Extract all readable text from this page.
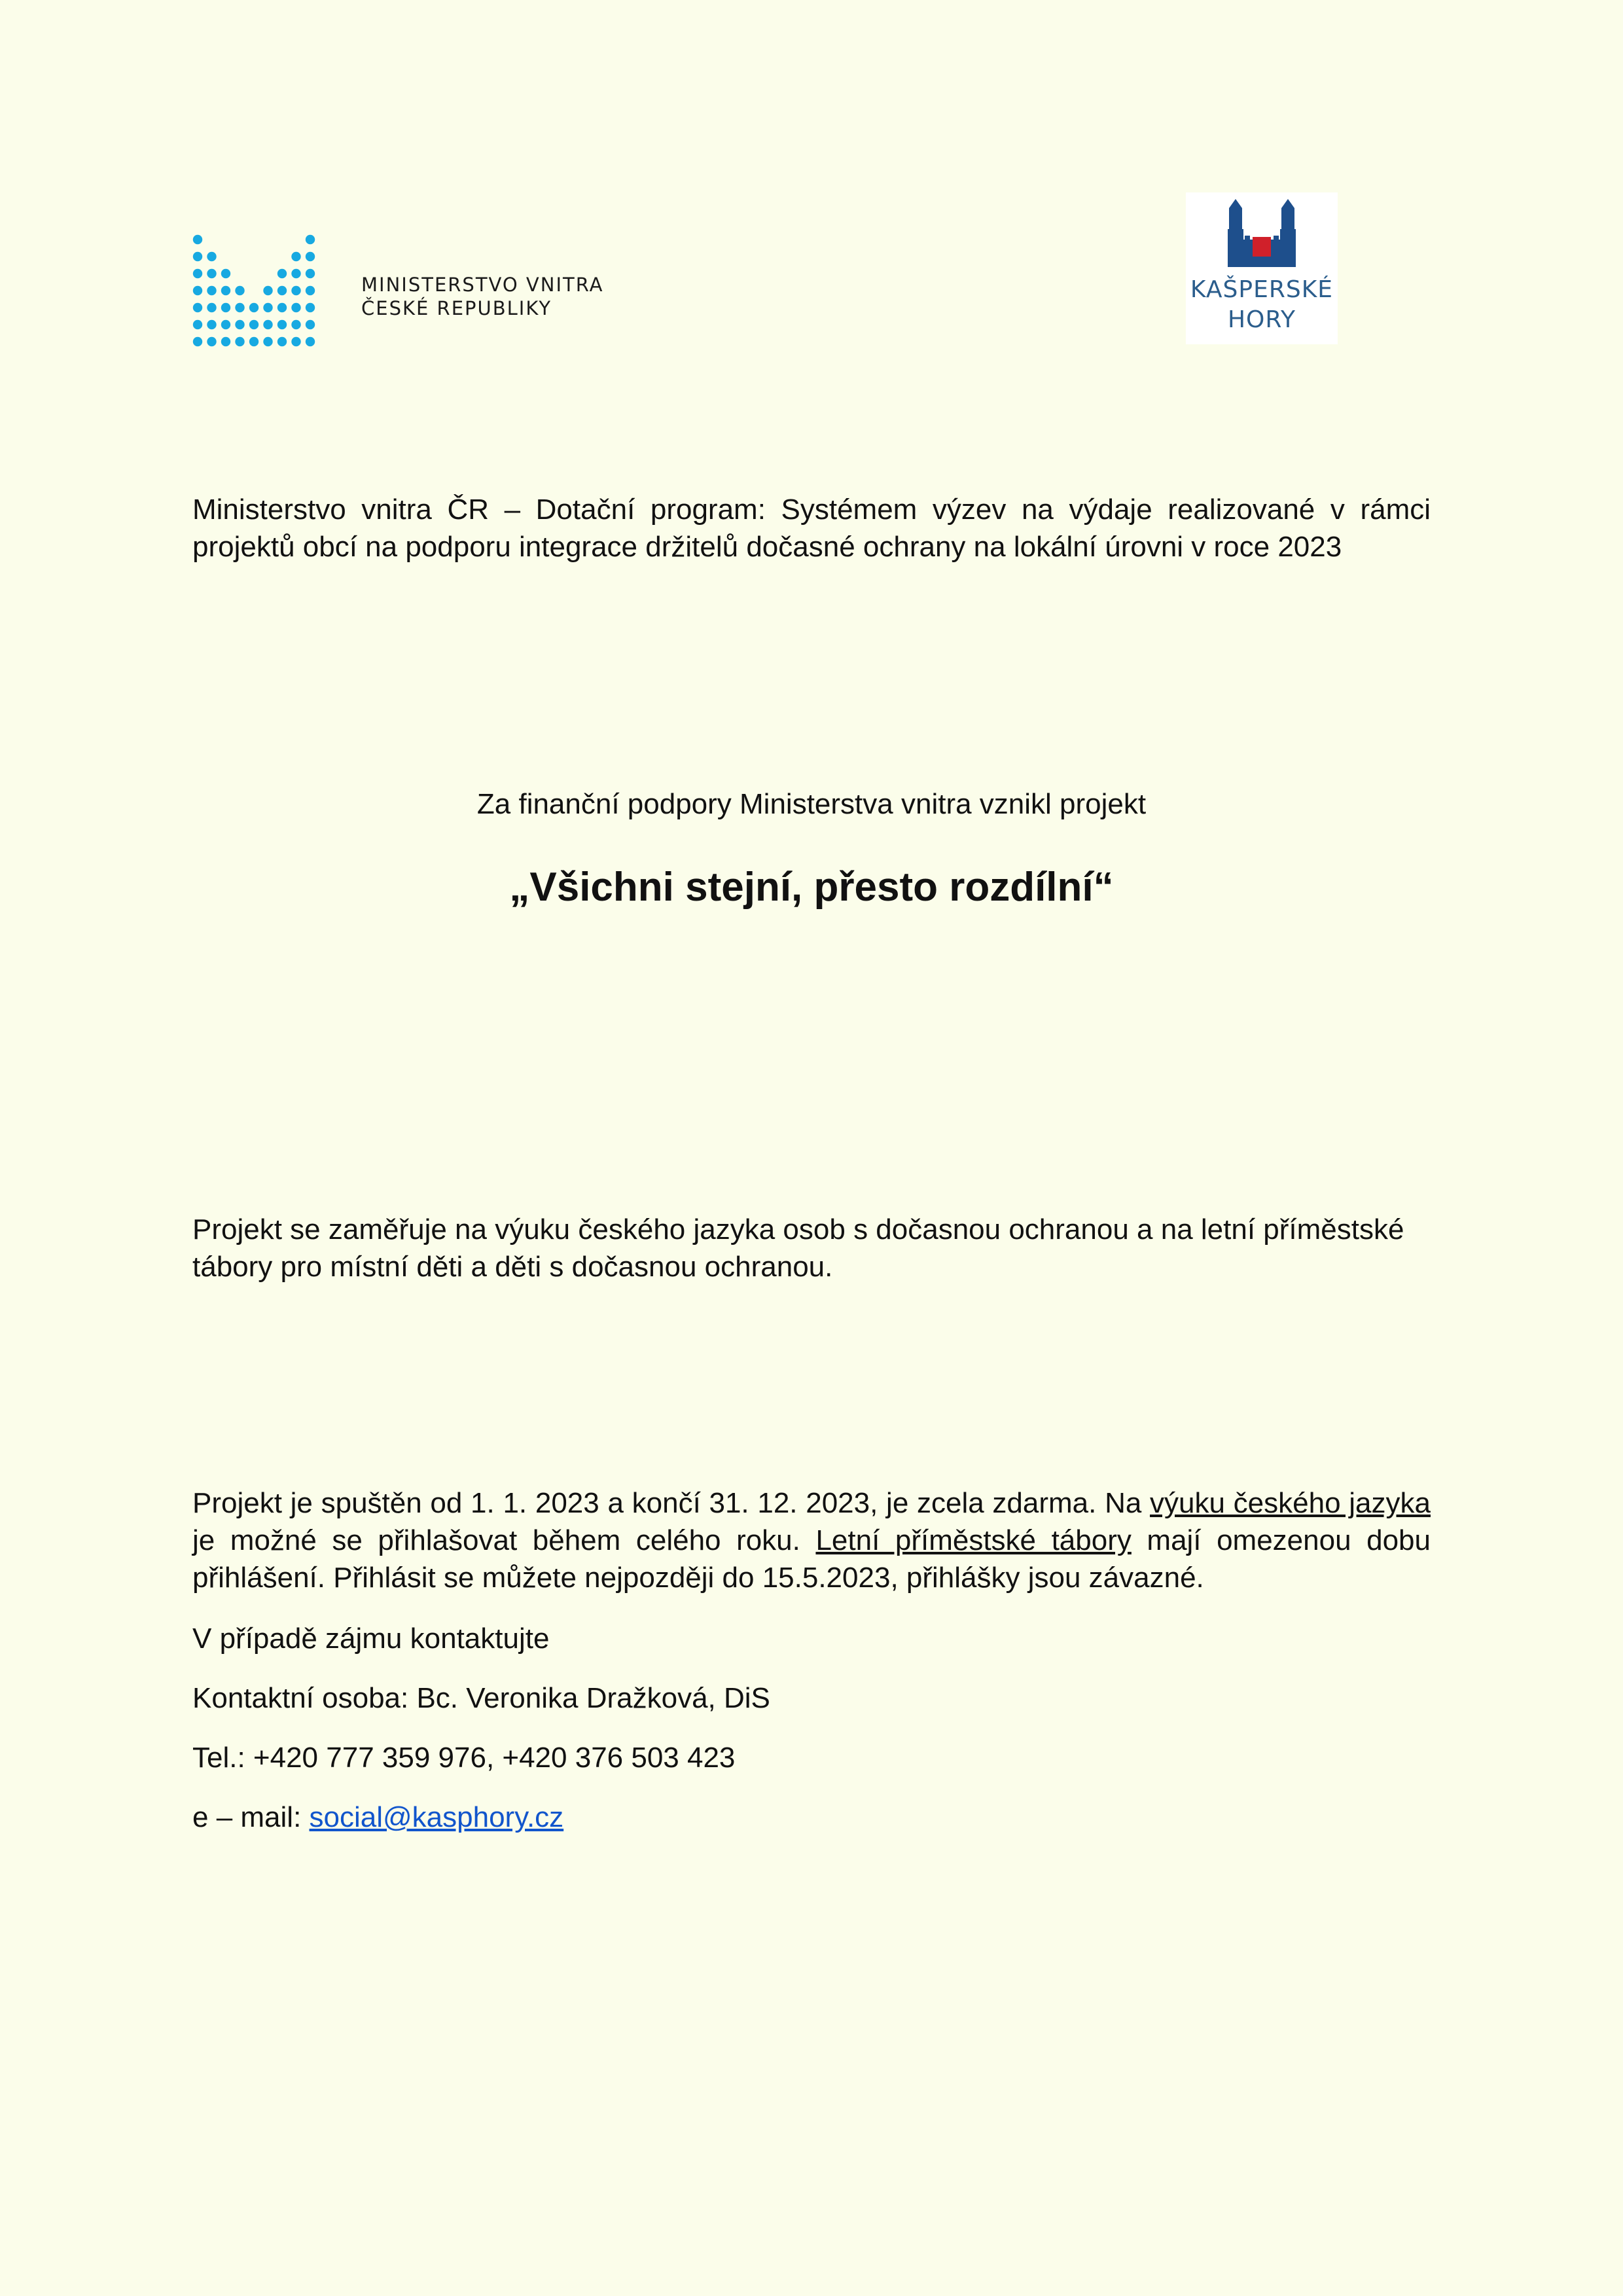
MINISTERSTVO VNITRA
ČESKÉ REPUBLIKY
KAŠPERSKÉ
HORY
Ministerstvo vnitra ČR – Dotační program: Systémem výzev na výdaje realizované v rámci projektů obcí na podporu integrace držitelů dočasné ochrany na lokální úrovni v roce 2023
Za finanční podpory Ministerstva vnitra vznikl projekt
„Všichni stejní, přesto rozdílní“
Projekt se zaměřuje na výuku českého jazyka osob s dočasnou ochranou a na letní příměstské tábory pro místní děti a děti s dočasnou ochranou.
Projekt je spuštěn od 1. 1. 2023 a končí 31. 12. 2023, je zcela zdarma. Na výuku českého jazyka je možné se přihlašovat během celého roku. Letní příměstské tábory mají omezenou dobu přihlášení. Přihlásit se můžete nejpozději do 15.5.2023, přihlášky jsou závazné.
V případě zájmu kontaktujte
Kontaktní osoba: Bc. Veronika Dražková, DiS
Tel.: +420 777 359 976, +420 376 503 423
e – mail: social@kasphory.cz
